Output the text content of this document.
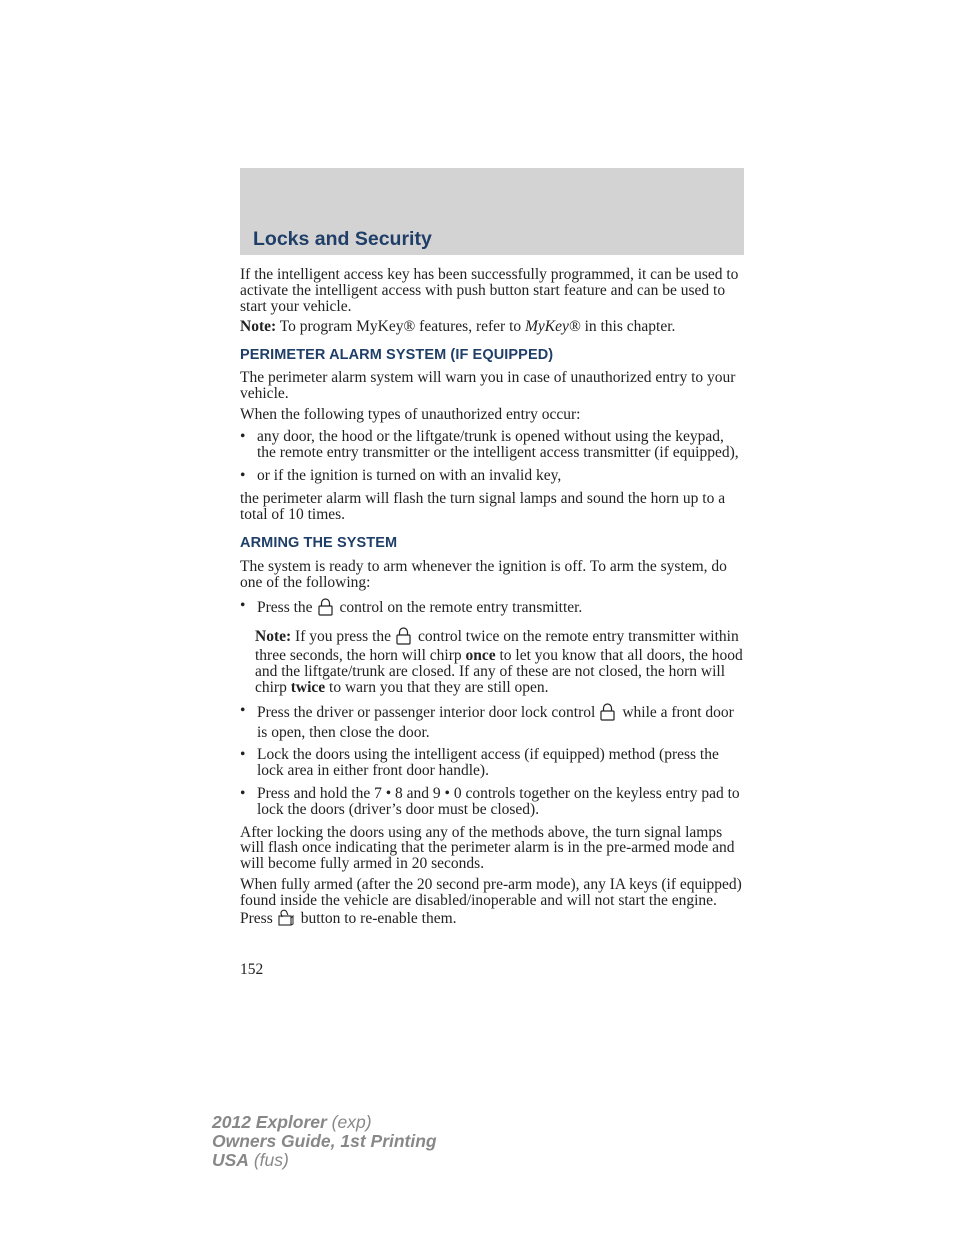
Locks and Security

If the intelligent access key has been successfully programmed, it can be used to activate the intelligent access with push button start feature and can be used to start your vehicle.

Note: To program MyKey® features, refer to MyKey® in this chapter.

PERIMETER ALARM SYSTEM (IF EQUIPPED)

The perimeter alarm system will warn you in case of unauthorized entry to your vehicle.

When the following types of unauthorized entry occur:

• any door, the hood or the liftgate/trunk is opened without using the keypad, the remote entry transmitter or the intelligent access transmitter (if equipped),
• or if the ignition is turned on with an invalid key,

the perimeter alarm will flash the turn signal lamps and sound the horn up to a total of 10 times.

ARMING THE SYSTEM

The system is ready to arm whenever the ignition is off. To arm the system, do one of the following:

• Press the control on the remote entry transmitter.

Note: If you press the control twice on the remote entry transmitter within three seconds, the horn will chirp once to let you know that all doors, the hood and the liftgate/trunk are closed. If any of these are not closed, the horn will chirp twice to warn you that they are still open.

• Press the driver or passenger interior door lock control while a front door is open, then close the door.
• Lock the doors using the intelligent access (if equipped) method (press the lock area in either front door handle).
• Press and hold the 7 • 8 and 9 • 0 controls together on the keyless entry pad to lock the doors (driver’s door must be closed).

After locking the doors using any of the methods above, the turn signal lamps will flash once indicating that the perimeter alarm is in the pre-armed mode and will become fully armed in 20 seconds.

When fully armed (after the 20 second pre-arm mode), any IA keys (if equipped) found inside the vehicle are disabled/inoperable and will not start the engine. Press button to re-enable them.

152
2012 Explorer (exp)
Owners Guide, 1st Printing
USA (fus)
